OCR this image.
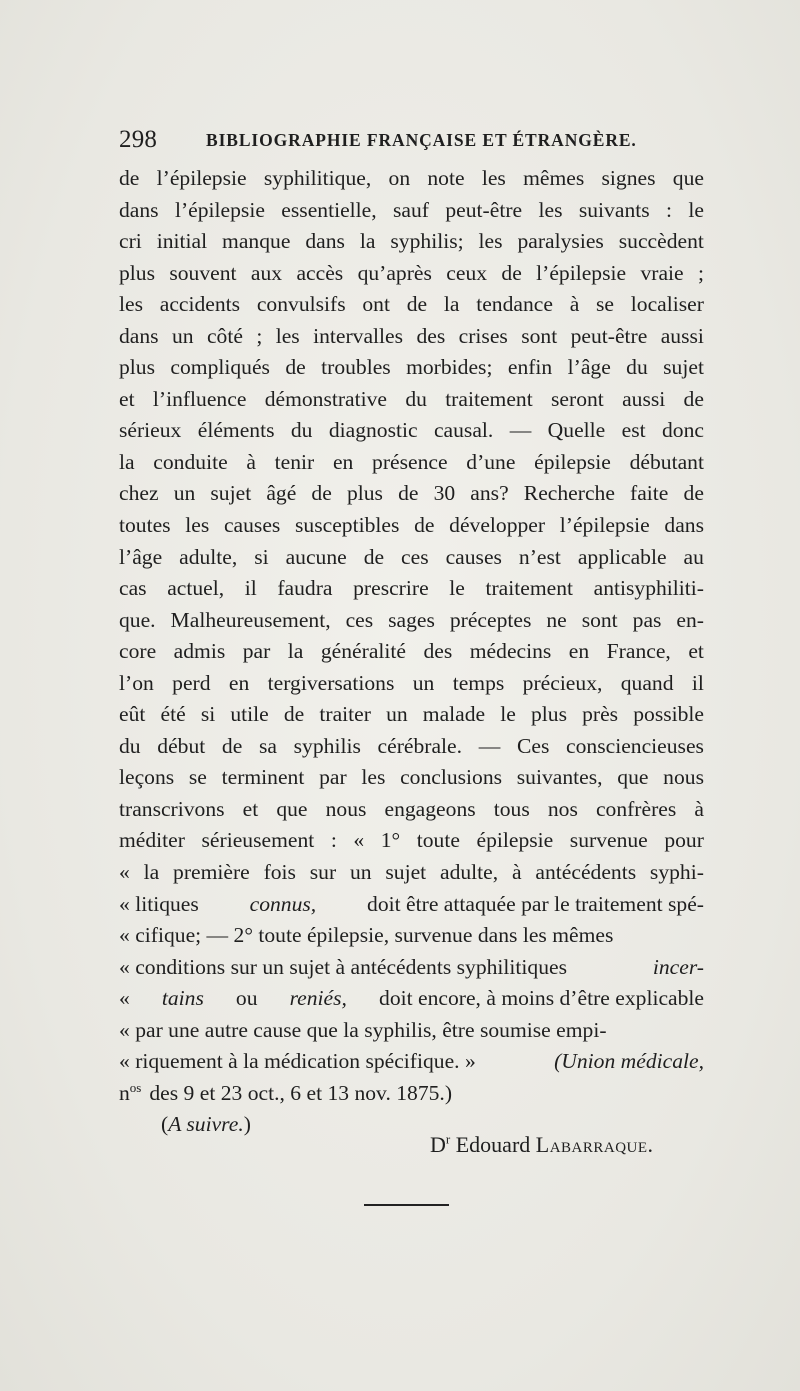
298	BIBLIOGRAPHIE FRANÇAISE ET ÉTRANGÈRE.
de l’épilepsie syphilitique, on note les mêmes signes que
dans l’épilepsie essentielle, sauf peut-être les suivants : le
cri initial manque dans la syphilis; les paralysies succèdent
plus souvent aux accès qu’après ceux de l’épilepsie vraie ;
les accidents convulsifs ont de la tendance à se localiser
dans un côté ; les intervalles des crises sont peut-être aussi
plus compliqués de troubles morbides; enfin l’âge du sujet
et l’influence démonstrative du traitement seront aussi de
sérieux éléments du diagnostic causal. — Quelle est donc
la conduite à tenir en présence d’une épilepsie débutant
chez un sujet âgé de plus de 30 ans? Recherche faite de
toutes les causes susceptibles de développer l’épilepsie dans
l’âge adulte, si aucune de ces causes n’est applicable au
cas actuel, il faudra prescrire le traitement antisyphiliti-
que. Malheureusement, ces sages préceptes ne sont pas en-
core admis par la généralité des médecins en France, et
l’on perd en tergiversations un temps précieux, quand il
eût été si utile de traiter un malade le plus près possible
du début de sa syphilis cérébrale. — Ces consciencieuses
leçons se terminent par les conclusions suivantes, que nous
transcrivons et que nous engageons tous nos confrères à
méditer sérieusement : « 1° toute épilepsie survenue pour
« la première fois sur un sujet adulte, à antécédents syphi-
« litiques connus, doit être attaquée par le traitement spé-
« cifique; — 2° toute épilepsie, survenue dans les mêmes
« conditions sur un sujet à antécédents syphilitiques	incer-
« tains ou reniés, doit encore, à moins d’être explicable
« par une autre cause que la syphilis, être soumise empi-
« riquement à la médication spécifique. »	(Union médicale,
nos des 9 et 23 oct., 6 et 13 nov. 1875.)
(A suivre.)
$D^r$ Edouard Labarraque.
